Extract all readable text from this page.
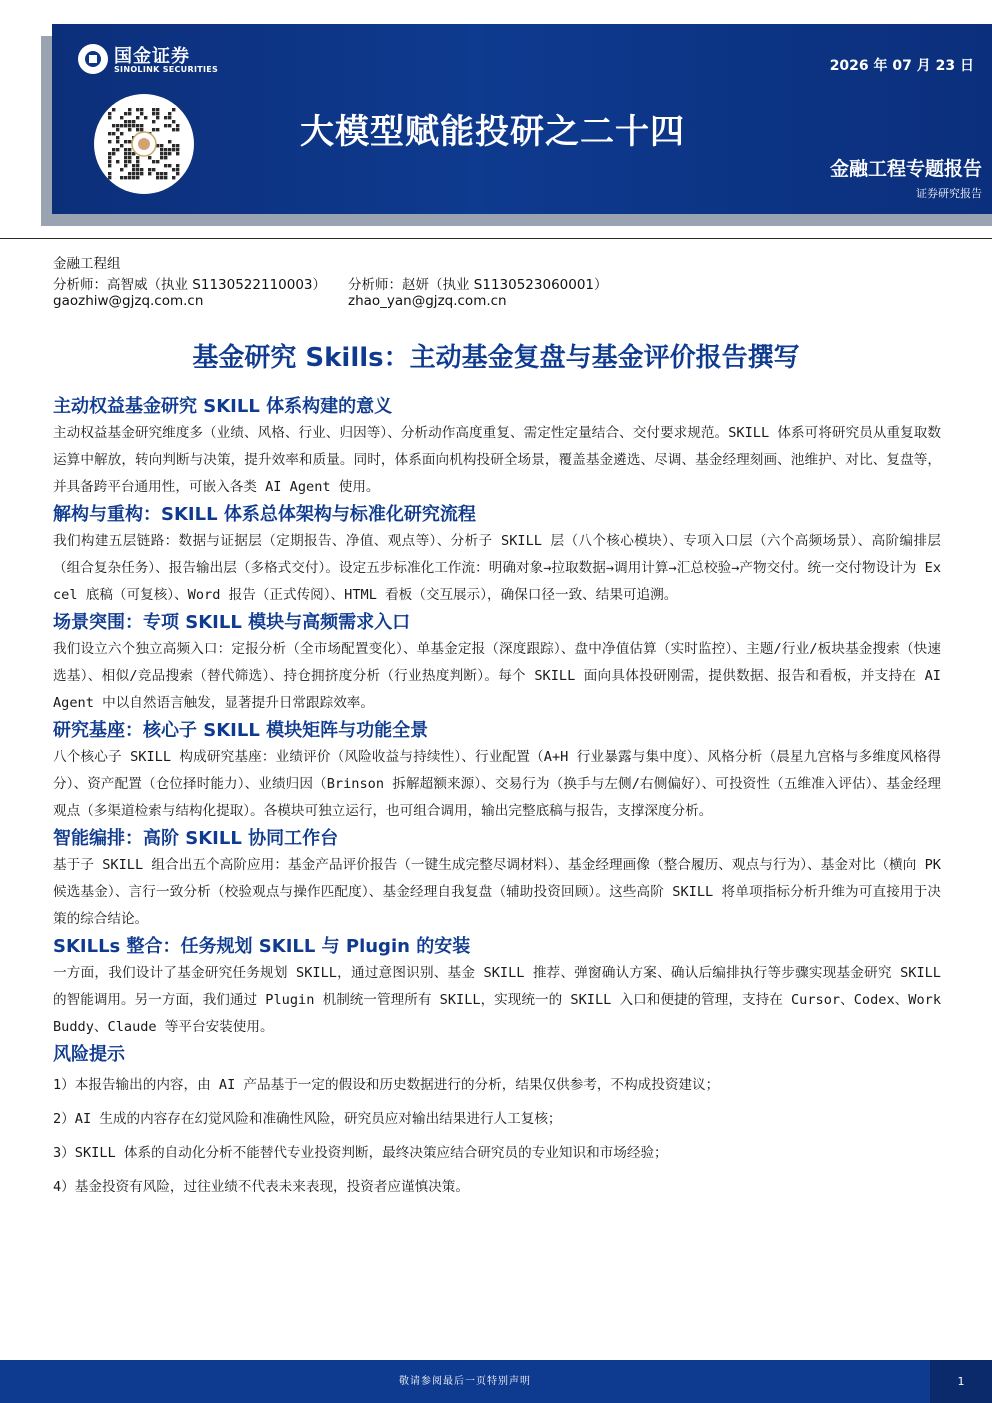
国金证券
SINOLINK SECURITIES	2026 年 07 月 23 日
大模型赋能投研之二十四
金融工程专题报告
证券研究报告
金融工程组
分析师：高智威（执业 S1130522110003） 分析师：赵妍（执业 S1130523060001）
gaozhiw@gjzq.com.cn	zhao_yan@gjzq.com.cn
基金研究 Skills：主动基金复盘与基金评价报告撰写
主动权益基金研究 SKILL 体系构建的意义

主动权益基金研究维度多（业绩、风格、行业、归因等）、分析动作高度重复、需定性定量结合、交付要求规范。SKILL 体系可将研究员从重复取数运算中解放，转向判断与决策，提升效率和质量。同时，体系面向机构投研全场景，覆盖基金遴选、尽调、基金经理刻画、池维护、对比、复盘等，并具备跨平台通用性，可嵌入各类 AI Agent 使用。

解构与重构：SKILL 体系总体架构与标准化研究流程

我们构建五层链路：数据与证据层（定期报告、净值、观点等）、分析子 SKILL 层（八个核心模块）、专项入口层（六个高频场景）、高阶编排层（组合复杂任务）、报告输出层（多格式交付）。设定五步标准化工作流：明确对象→拉取数据→调用计算→汇总校验→产物交付。统一交付物设计为 Excel 底稿（可复核）、Word 报告（正式传阅）、HTML 看板（交互展示），确保口径一致、结果可追溯。

场景突围：专项 SKILL 模块与高频需求入口

我们设立六个独立高频入口：定报分析（全市场配置变化）、单基金定报（深度跟踪）、盘中净值估算（实时监控）、主题/行业/板块基金搜索（快速选基）、相似/竞品搜索（替代筛选）、持仓拥挤度分析（行业热度判断）。每个 SKILL 面向具体投研刚需，提供数据、报告和看板，并支持在 AI Agent 中以自然语言触发，显著提升日常跟踪效率。

研究基座：核心子 SKILL 模块矩阵与功能全景

八个核心子 SKILL 构成研究基座：业绩评价（风险收益与持续性）、行业配置（A+H 行业暴露与集中度）、风格分析（晨星九宫格与多维度风格得分）、资产配置（仓位择时能力）、业绩归因（Brinson 拆解超额来源）、交易行为（换手与左侧/右侧偏好）、可投资性（五维准入评估）、基金经理观点（多渠道检索与结构化提取）。各模块可独立运行，也可组合调用，输出完整底稿与报告，支撑深度分析。

智能编排：高阶 SKILL 协同工作台

基于子 SKILL 组合出五个高阶应用：基金产品评价报告（一键生成完整尽调材料）、基金经理画像（整合履历、观点与行为）、基金对比（横向 PK 候选基金）、言行一致分析（校验观点与操作匹配度）、基金经理自我复盘（辅助投资回顾）。这些高阶 SKILL 将单项指标分析升维为可直接用于决策的综合结论。

SKILLs 整合：任务规划 SKILL 与 Plugin 的安装

一方面，我们设计了基金研究任务规划 SKILL，通过意图识别、基金 SKILL 推荐、弹窗确认方案、确认后编排执行等步骤实现基金研究 SKILL 的智能调用。另一方面，我们通过 Plugin 机制统一管理所有 SKILL，实现统一的 SKILL 入口和便捷的管理，支持在 Cursor、Codex、WorkBuddy、Claude 等平台安装使用。

风险提示
1）本报告输出的内容，由 AI 产品基于一定的假设和历史数据进行的分析，结果仅供参考，不构成投资建议；
2）AI 生成的内容存在幻觉风险和准确性风险，研究员应对输出结果进行人工复核；
3）SKILL 体系的自动化分析不能替代专业投资判断，最终决策应结合研究员的专业知识和市场经验；
4）基金投资有风险，过往业绩不代表未来表现，投资者应谨慎决策。
敬请参阅最后一页特别声明	1
